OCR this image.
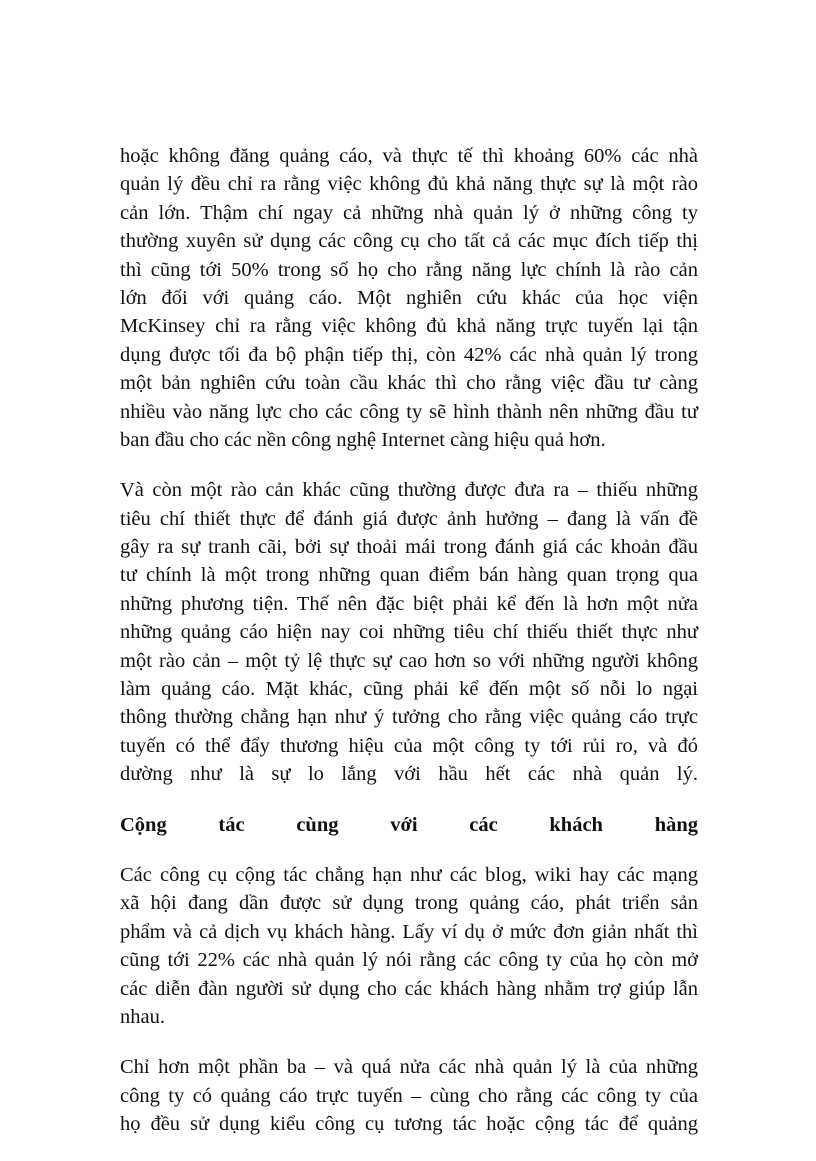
hoặc không đăng quảng cáo, và thực tế thì khoảng 60% các nhà
quản lý đều chỉ ra rằng việc không đủ khả năng thực sự là một rào
cản lớn. Thậm chí ngay cả những nhà quản lý ở những công ty
thường xuyên sử dụng các công cụ cho tất cả các mục đích tiếp thị
thì cũng tới 50% trong số họ cho rằng năng lực chính là rào cản
lớn đối với quảng cáo. Một nghiên cứu khác của học viện
McKinsey chỉ ra rằng việc không đủ khả năng trực tuyến lại tận
dụng được tối đa bộ phận tiếp thị, còn 42% các nhà quản lý trong
một bản nghiên cứu toàn cầu khác thì cho rằng việc đầu tư càng
nhiều vào năng lực cho các công ty sẽ hình thành nên những đầu tư
ban đầu cho các nền công nghệ Internet càng hiệu quả hơn.
Và còn một rào cản khác cũng thường được đưa ra – thiếu những
tiêu chí thiết thực để đánh giá được ảnh hưởng – đang là vấn đề
gây ra sự tranh cãi, bởi sự thoải mái trong đánh giá các khoản đầu
tư chính là một trong những quan điểm bán hàng quan trọng qua
những phương tiện. Thế nên đặc biệt phải kể đến là hơn một nửa
những quảng cáo hiện nay coi những tiêu chí thiếu thiết thực như
một rào cản – một tỷ lệ thực sự cao hơn so với những người không
làm quảng cáo. Mặt khác, cũng phải kể đến một số nỗi lo ngại
thông thường chẳng hạn như ý tưởng cho rằng việc quảng cáo trực
tuyến có thể đẩy thương hiệu của một công ty tới rủi ro, và đó
dường như là sự lo lắng với hầu hết các nhà quản lý.
Cộng tác cùng với các khách hàng
Các công cụ cộng tác chẳng hạn như các blog, wiki hay các mạng
xã hội đang dần được sử dụng trong quảng cáo, phát triển sản
phẩm và cả dịch vụ khách hàng. Lấy ví dụ ở mức đơn giản nhất thì
cũng tới 22% các nhà quản lý nói rằng các công ty của họ còn mở
các diễn đàn người sử dụng cho các khách hàng nhằm trợ giúp lẫn
nhau.
Chỉ hơn một phần ba – và quá nửa các nhà quản lý là của những
công ty có quảng cáo trực tuyến – cùng cho rằng các công ty của
họ đều sử dụng kiểu công cụ tương tác hoặc cộng tác để quảng
